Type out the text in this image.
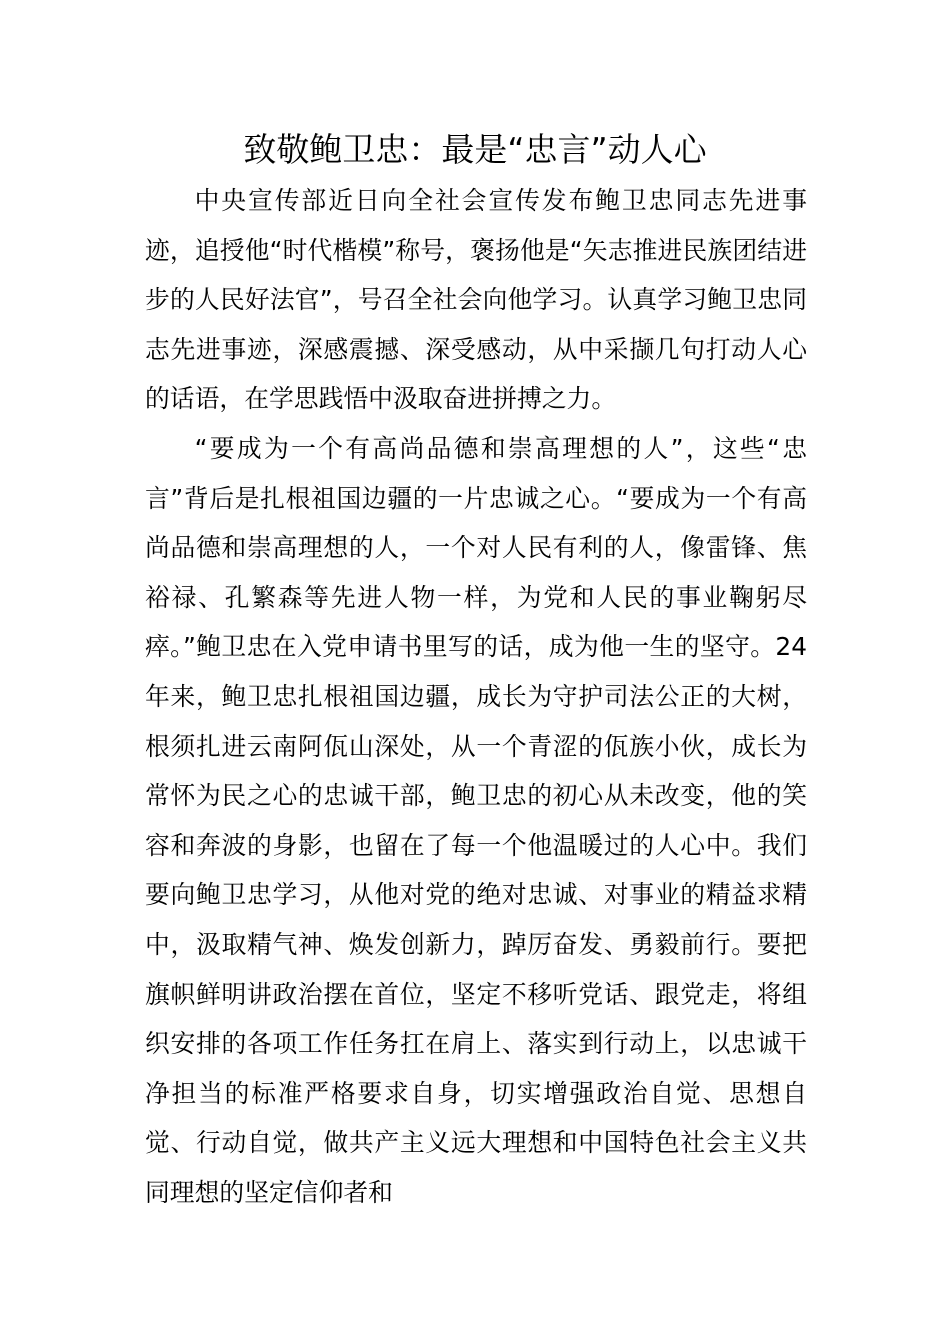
致敬鲍卫忠：最是“忠言”动人心

中央宣传部近日向全社会宣传发布鲍卫忠同志先进事迹，追授他“时代楷模”称号，褒扬他是“矢志推进民族团结进步的人民好法官”，号召全社会向他学习。认真学习鲍卫忠同志先进事迹，深感震撼、深受感动，从中采撷几句打动人心的话语，在学思践悟中汲取奋进拼搏之力。

“要成为一个有高尚品德和崇高理想的人”，这些“忠言”背后是扎根祖国边疆的一片忠诚之心。“要成为一个有高尚品德和崇高理想的人，一个对人民有利的人，像雷锋、焦裕禄、孔繁森等先进人物一样，为党和人民的事业鞠躬尽瘁。”鲍卫忠在入党申请书里写的话，成为他一生的坚守。24年来，鲍卫忠扎根祖国边疆，成长为守护司法公正的大树，根须扎进云南阿佤山深处，从一个青涩的佤族小伙，成长为常怀为民之心的忠诚干部，鲍卫忠的初心从未改变，他的笑容和奔波的身影，也留在了每一个他温暖过的人心中。我们要向鲍卫忠学习，从他对党的绝对忠诚、对事业的精益求精中，汲取精气神、焕发创新力，踔厉奋发、勇毅前行。要把旗帜鲜明讲政治摆在首位，坚定不移听党话、跟党走，将组织安排的各项工作任务扛在肩上、落实到行动上，以忠诚干净担当的标准严格要求自身，切实增强政治自觉、思想自觉、行动自觉，做共产主义远大理想和中国特色社会主义共同理想的坚定信仰者和
